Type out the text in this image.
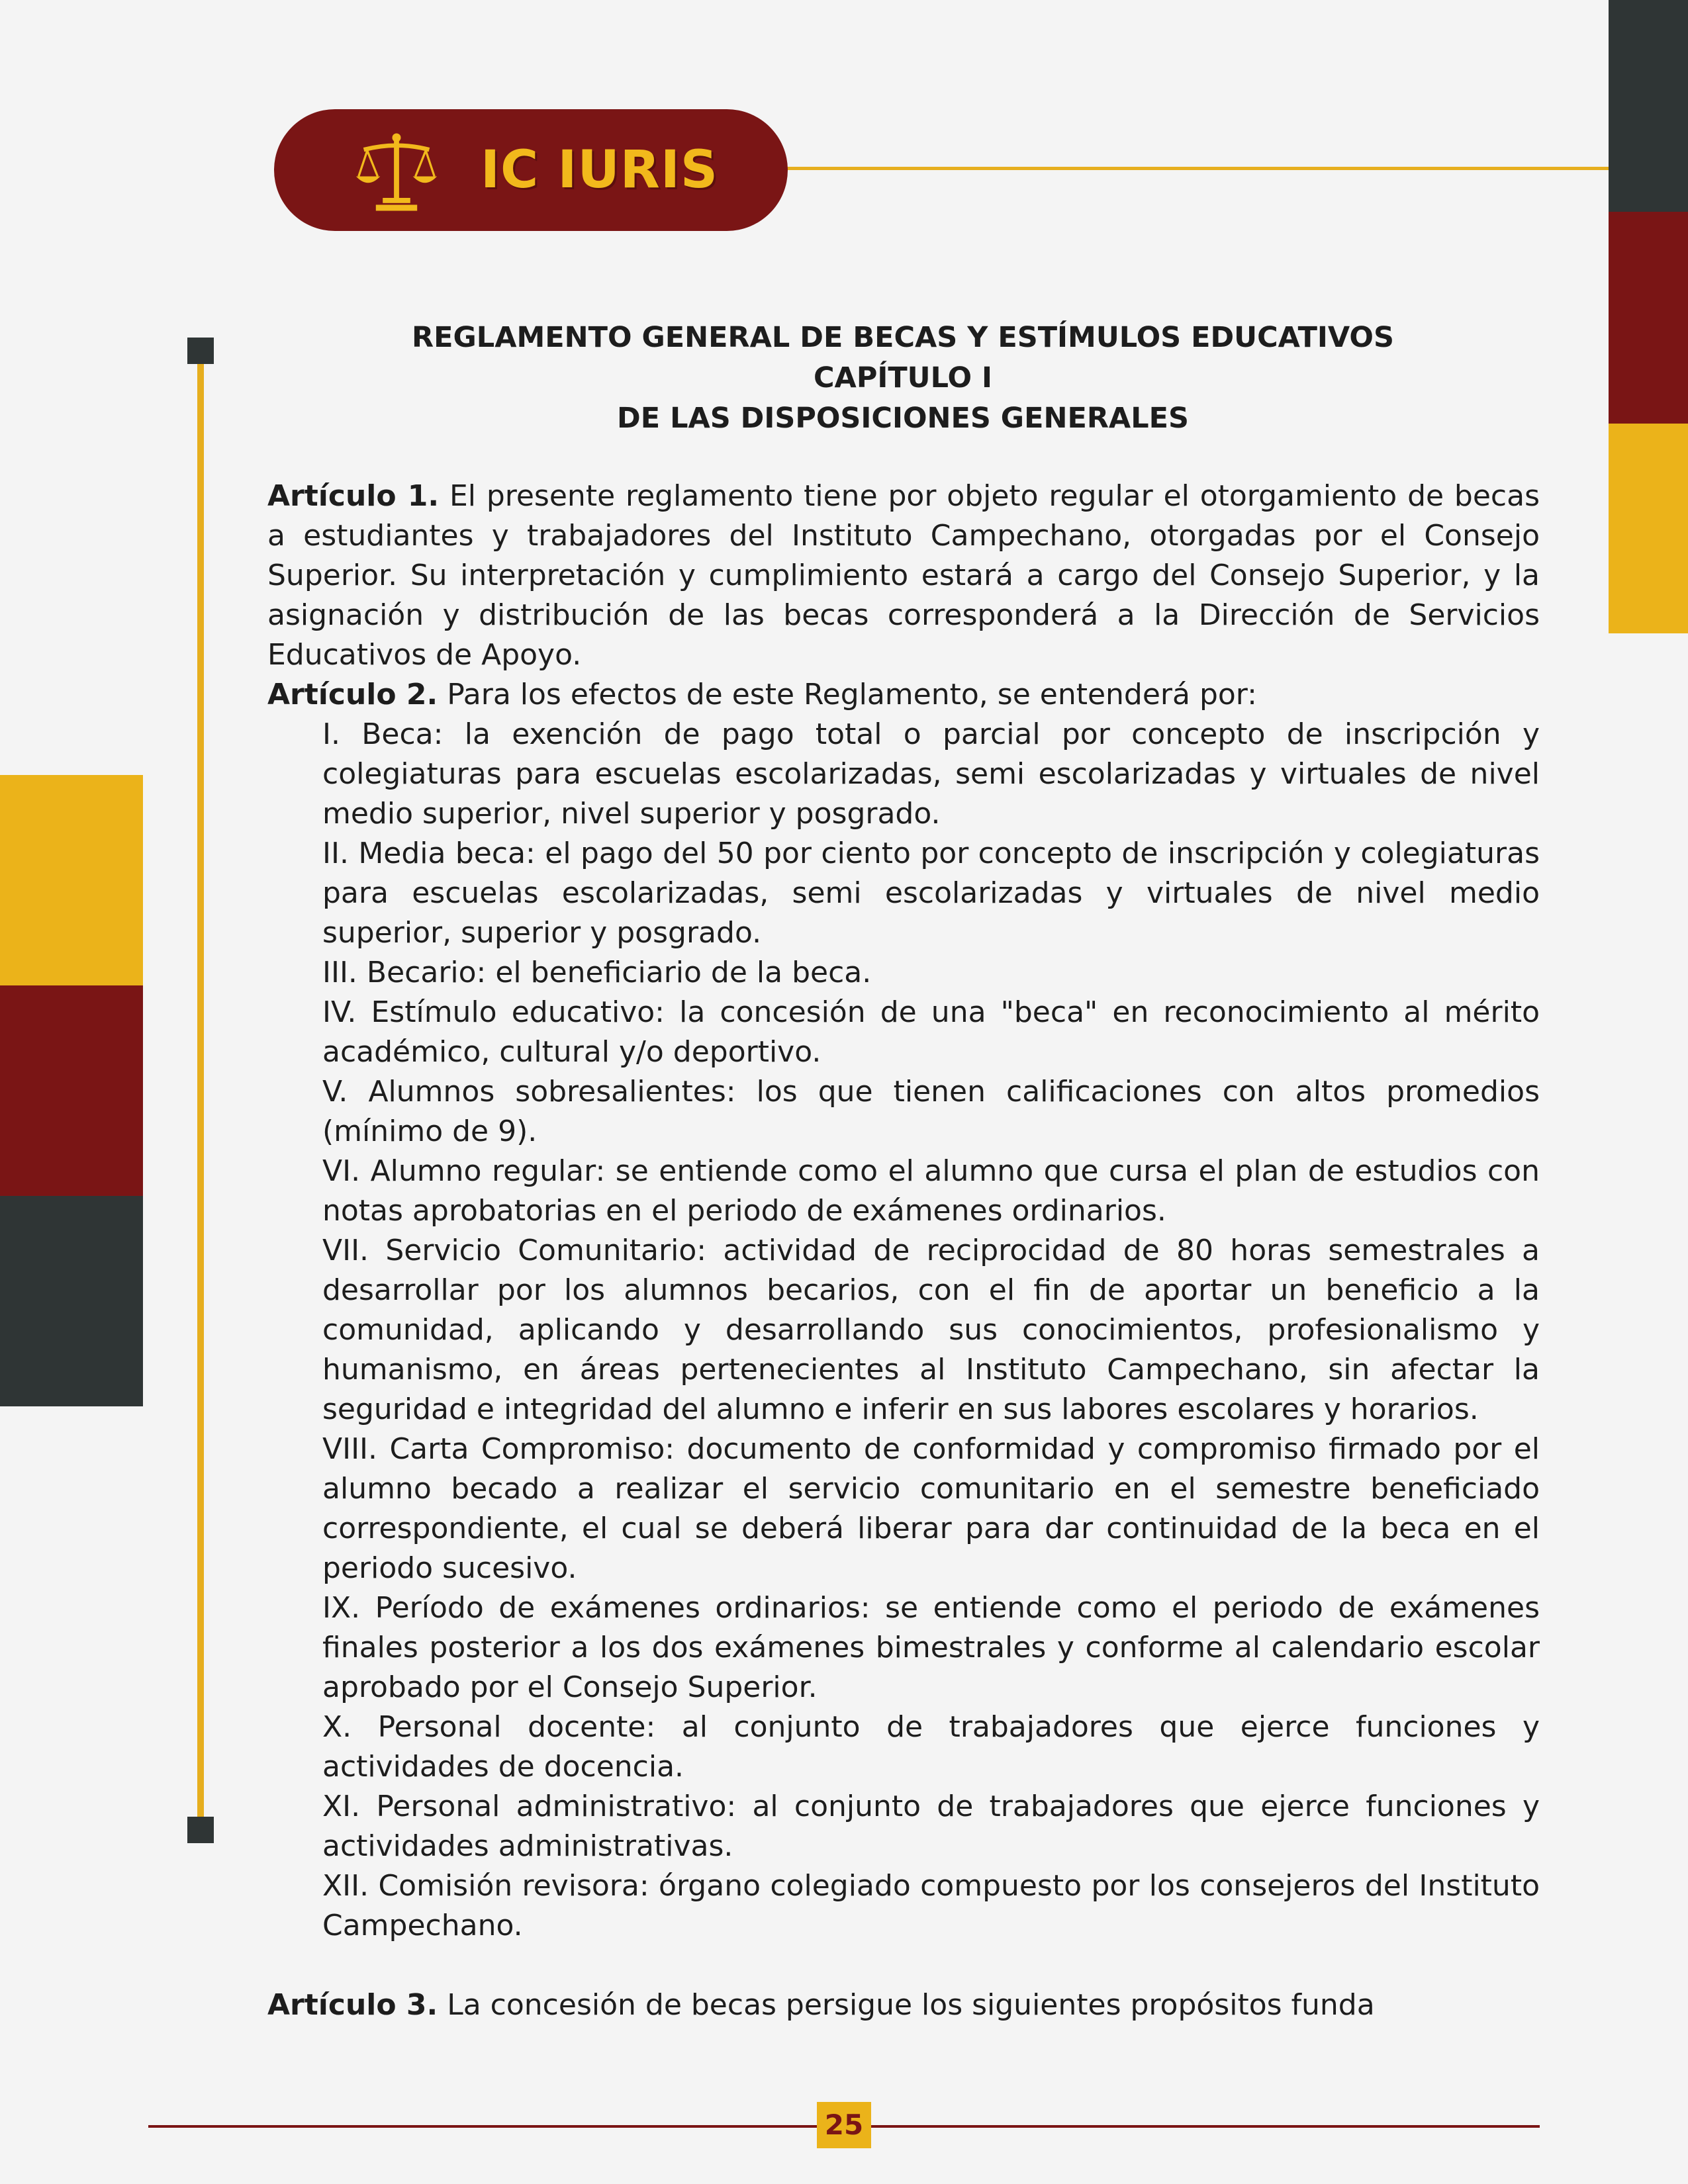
IC IURIS
REGLAMENTO GENERAL DE BECAS Y ESTÍMULOS EDUCATIVOS
CAPÍTULO I
DE LAS DISPOSICIONES GENERALES

Artículo 1. El presente reglamento tiene por objeto regular el otorgamiento de becas a estudiantes y trabajadores del Instituto Campechano, otorgadas por el Consejo Superior. Su interpretación y cumplimiento estará a cargo del Consejo Superior, y la asignación y distribución de las becas corresponderá a la Dirección de Servicios Educativos de Apoyo.

Artículo 2. Para los efectos de este Reglamento, se entenderá por:

I. Beca: la exención de pago total o parcial por concepto de inscripción y colegiaturas para escuelas escolarizadas, semi escolarizadas y virtuales de nivel medio superior, nivel superior y posgrado.

II. Media beca: el pago del 50 por ciento por concepto de inscripción y colegiaturas para escuelas escolarizadas, semi escolarizadas y virtuales de nivel medio superior, superior y posgrado.

III. Becario: el beneficiario de la beca.

IV. Estímulo educativo: la concesión de una "beca" en reconocimiento al mérito académico, cultural y/o deportivo.

V. Alumnos sobresalientes: los que tienen calificaciones con altos promedios (mínimo de 9).

VI. Alumno regular: se entiende como el alumno que cursa el plan de estudios con notas aprobatorias en el periodo de exámenes ordinarios.

VII. Servicio Comunitario: actividad de reciprocidad de 80 horas semestrales a desarrollar por los alumnos becarios, con el fin de aportar un beneficio a la comunidad, aplicando y desarrollando sus conocimientos, profesionalismo y humanismo, en áreas pertenecientes al Instituto Campechano, sin afectar la seguridad e integridad del alumno e inferir en sus labores escolares y horarios.

VIII. Carta Compromiso: documento de conformidad y compromiso firmado por el alumno becado a realizar el servicio comunitario en el semestre beneficiado correspondiente, el cual se deberá liberar para dar continuidad de la beca en el periodo sucesivo.

IX. Período de exámenes ordinarios: se entiende como el periodo de exámenes finales posterior a los dos exámenes bimestrales y conforme al calendario escolar aprobado por el Consejo Superior.

X. Personal docente: al conjunto de trabajadores que ejerce funciones y actividades de docencia.

XI. Personal administrativo: al conjunto de trabajadores que ejerce funciones y actividades administrativas.

XII. Comisión revisora: órgano colegiado compuesto por los consejeros del Instituto Campechano.

Artículo 3. La concesión de becas persigue los siguientes propósitos funda

25
